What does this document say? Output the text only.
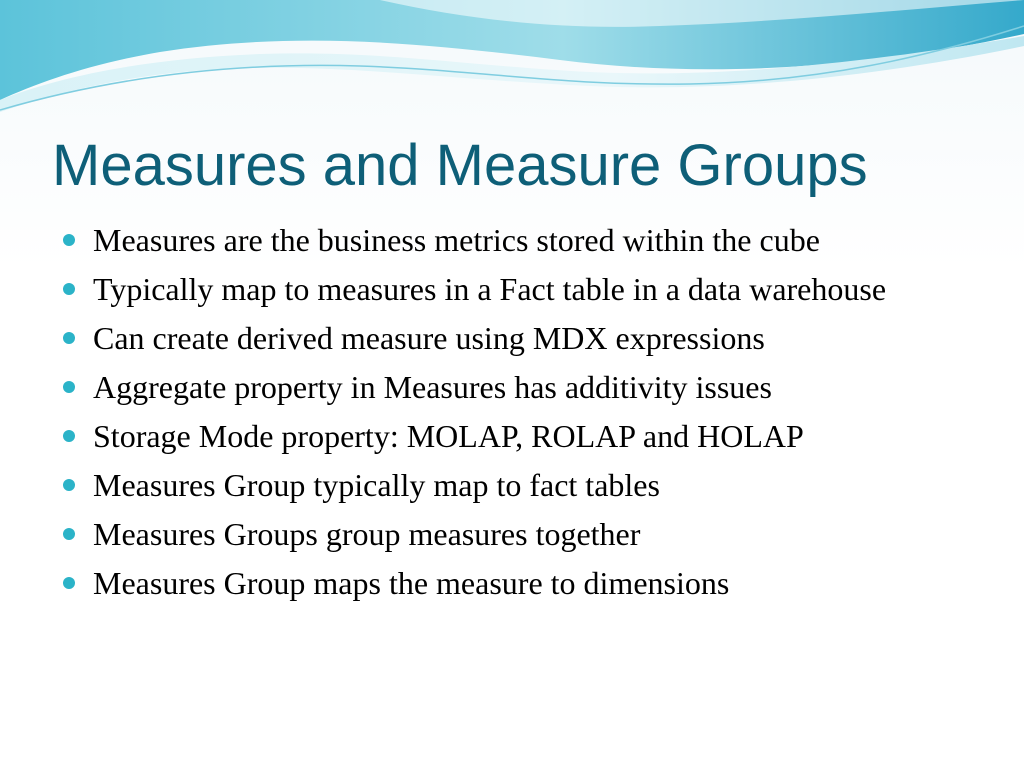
Measures and Measure Groups
Measures are the business metrics stored within the cube
Typically map to measures in a Fact table in a data warehouse
Can create derived measure using MDX expressions
Aggregate property in Measures has additivity issues
Storage Mode property: MOLAP, ROLAP and HOLAP
Measures Group typically map to fact tables
Measures Groups group measures together
Measures Group maps the measure to dimensions
